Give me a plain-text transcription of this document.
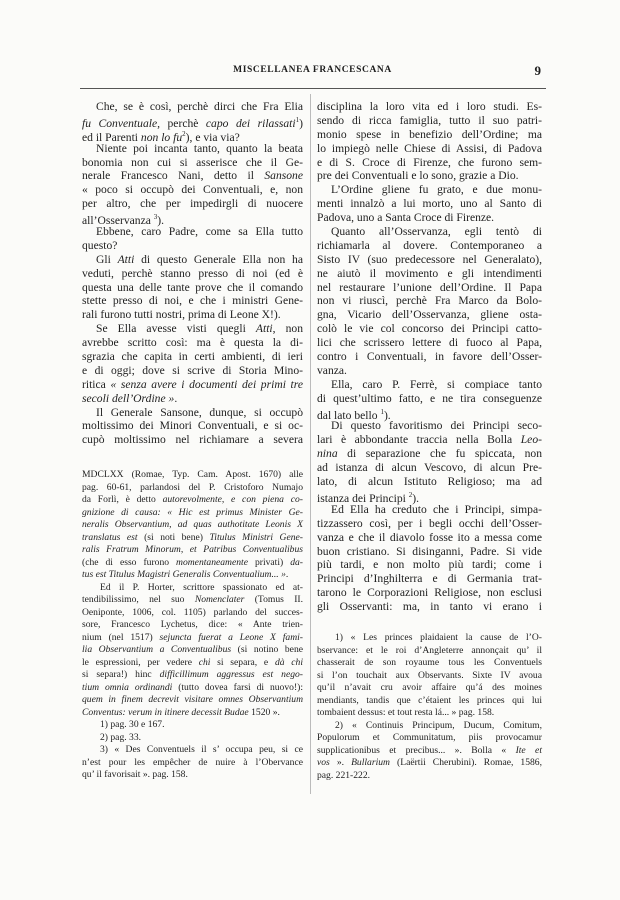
MISCELLANEA FRANCESCANA	9
Che, se è così, perchè dirci che Fra Elia
fu Conventuale, perchè capo dei rilassati$^1$)
ed il Parenti non lo $fu^2$), e via via?
Niente poi incanta tanto, quanto la beata
bonomia non cui si asserisce che il Ge-
nerale Francesco Nani, detto il Sansone
« poco si occupò dei Conventuali, e, non
per altro, che per impedirgli di nuocere
all’Osservanza $^3$).
Ebbene, caro Padre, come sa Ella tutto
questo?
Gli Atti di questo Generale Ella non ha
veduti, perchè stanno presso di noi (ed è
questa una delle tante prove che il comando
stette presso di noi, e che i ministri Gene-
rali furono tutti nostri, prima di Leone X!).
Se Ella avesse visti quegli Atti, non
avrebbe scritto così: ma è questa la di-
sgrazia che capita in certi ambienti, di ieri
e di oggi; dove si scrive di Storia Mino-
ritica « senza avere i documenti dei primi tre
secoli dell’Ordine ».
Il Generale Sansone, dunque, si occupò
moltissimo dei Minori Conventuali, e si oc-
cupò moltissimo nel richiamare a severa
MDCLXX (Romae, Typ. Cam. Apost. 1670) alle
pag. 60-61, parlandosi del P. Cristoforo Numajo
da Forlì, è detto autorevolmente, e con piena co-
gnizione di causa: « Hic est primus Minister Ge-
neralis Observantium, ad quas authotitate Leonis X
translatus est (si noti bene) Titulus Ministri Gene-
ralis Fratrum Minorum, et Patribus Conventualibus
(che di esso furono momentaneamente privati) da-
tus est Titulus Magistri Generalis Conventualium... ».
Ed il P. Horter, scrittore spassionato ed at-
tendibilissimo, nel suo Nomenclater (Tomus II.
Oeniponte, 1006, col. 1105) parlando del succes-
sore, Francesco Lychetus, dice: « Ante trien-
nium (nel 1517) sejuncta fuerat a Leone X fami-
lia Observantium a Conventualibus (si notino bene
le espressioni, per vedere chi si separa, e dà chi
si separa!) hinc difficillimum aggressus est nego-
tium omnia ordinandi (tutto dovea farsi di nuovo!):
quem in finem decrevit visitare omnes Observantium
Conventus: verum in itinere decessit Budae 1520 ».
1) pag. 30 e 167.
2) pag. 33.
3) « Des Conventuels il s’ occupa peu, si ce
n’est pour les empêcher de nuire à l’Obervance
qu’ il favorisait ». pag. 158.
disciplina la loro vita ed i loro studi. Es-
sendo di ricca famiglia, tutto il suo patri-
monio spese in benefizio dell’Ordine; ma
lo impiegò nelle Chiese di Assisi, di Padova
e di S. Croce di Firenze, che furono sem-
pre dei Conventuali e lo sono, grazie a Dio.
L’Ordine gliene fu grato, e due monu-
menti innalzò a lui morto, uno al Santo di
Padova, uno a Santa Croce di Firenze.
Quanto all’Osservanza, egli tentò di
richiamarla al dovere. Contemporaneo a
Sisto IV (suo predecessore nel Generalato),
ne aiutò il movimento e gli intendimenti
nel restaurare l’unione dell’Ordine. Il Papa
non vi riuscì, perchè Fra Marco da Bolo-
gna, Vicario dell’Osservanza, gliene osta-
colò le vie col concorso dei Principi catto-
lici che scrissero lettere di fuoco al Papa,
contro i Conventuali, in favore dell’Osser-
vanza.
Ella, caro P. Ferrè, si compiace tanto
di quest’ultimo fatto, e ne tira conseguenze
dal lato bello $^1$).
Di questo favoritismo dei Principi seco-
lari è abbondante traccia nella Bolla Leo-
nina di separazione che fu spiccata, non
ad istanza di alcun Vescovo, di alcun Pre-
lato, di alcun Istituto Religioso; ma ad
istanza dei Principi $^2$).
Ed Ella ha creduto che i Principi, simpa-
tizzassero così, per i begli occhi dell’Osser-
vanza e che il diavolo fosse ito a messa come
buon cristiano. Si disinganni, Padre. Si vide
più tardi, e non molto più tardi; come i
Principi d’Inghilterra e di Germania trat-
tarono le Corporazioni Religiose, non esclusi
gli Osservanti: ma, in tanto vi erano i
1) « Les princes plaidaient la cause de l’O-
bservance: et le roi d’Angleterre annonçait qu’ il
chasserait de son royaume tous les Conventuels
si l’on touchait aux Observants. Sixte IV avoua
qu’il n’avait cru avoir affaire qu’á des moines
mendiants, tandis que c’étaient les princes qui lui
tombaient dessus: et tout resta lá... » pag. 158.
2) « Continuis Principum, Ducum, Comitum,
Populorum et Communitatum, piis provocamur
supplicationibus et precibus... ». Bolla « Ite et
vos ». Bullarium (Laërtii Cherubini). Romae, 1586,
pag. 221-222.
